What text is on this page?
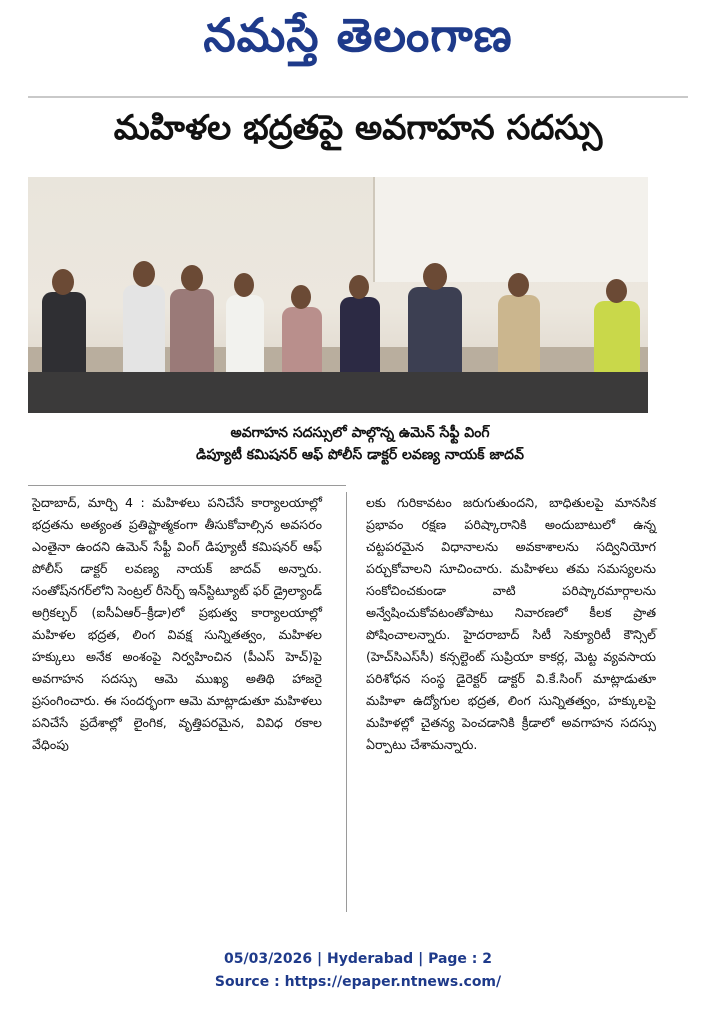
నమస్తే తెలంగాణ
మహిళల భద్రతపై అవగాహన సదస్సు
అవగాహన సదస్సులో పాల్గొన్న ఉమెన్ సేఫ్టీ వింగ్
డిప్యూటీ కమిషనర్ ఆఫ్ పోలీస్ డాక్టర్ లవణ్య నాయక్ జాదవ్

సైదాబాద్, మార్చి 4 : మహిళలు పనిచేసే కార్యాలయాల్లో భద్రతను అత్యంత ప్రతిష్టాత్మకంగా తీసుకోవాల్సిన అవసరం ఎంతైనా ఉందని ఉమెన్ సేఫ్టీ వింగ్ డిప్యూటీ కమిషనర్ ఆఫ్ పోలీస్ డాక్టర్ లవణ్య నాయక్ జాదవ్ అన్నారు. సంతోష్‌నగర్‌లోని సెంట్రల్ రీసెర్చ్ ఇన్‌స్టిట్యూట్ ఫర్ డ్రైల్యాండ్ అగ్రికల్చర్ (ఐసీఏఆర్–క్రీడా)లో ప్రభుత్వ కార్యాలయాల్లో మహిళల భద్రత, లింగ వివక్ష సున్నితత్వం, మహిళల హక్కులు అనేక అంశంపై నిర్వహించిన (పీఎస్ హెచ్)పై అవగాహన సదస్సు ఆమె ముఖ్య అతిథి హాజరై ప్రసంగించారు. ఈ సందర్భంగా ఆమె మాట్లాడుతూ మహిళలు పనిచేసే ప్రదేశాల్లో లైంగిక, వృత్తిపరమైన, వివిధ రకాల వేధింపు

లకు గురికావటం జరుగుతుందని, బాధితులపై మానసిక ప్రభావం రక్షణ పరిష్కారానికి అందుబాటులో ఉన్న చట్టపరమైన విధానాలను అవకాశాలను సద్వినియోగ పర్చుకోవాలని సూచించారు. మహిళలు తమ సమస్యలను సంకోచించకుండా వాటి పరిష్కారమార్గాలను అన్వేషించుకోవటంతోపాటు నివారణలో కీలక ప్రాత పోషించాలన్నారు. హైదరాబాద్ సిటీ సెక్యూరిటీ కౌన్సిల్ (హెచ్‌సిఎస్‌సీ) కన్సల్టెంట్ సుప్రియా కాకర్ల, మెట్ట వ్యవసాయ పరిశోధన సంస్థ డైరెక్టర్ డాక్టర్ వి.కే.సింగ్ మాట్లాడుతూ మహిళా ఉద్యోగుల భద్రత, లింగ సున్నితత్వం, హక్కులపై మహిళల్లో చైతన్య పెంచడానికి క్రీడాలో అవగాహన సదస్సు ఏర్పాటు చేశామన్నారు.

05/03/2026 | Hyderabad | Page : 2
Source : https://epaper.ntnews.com/
